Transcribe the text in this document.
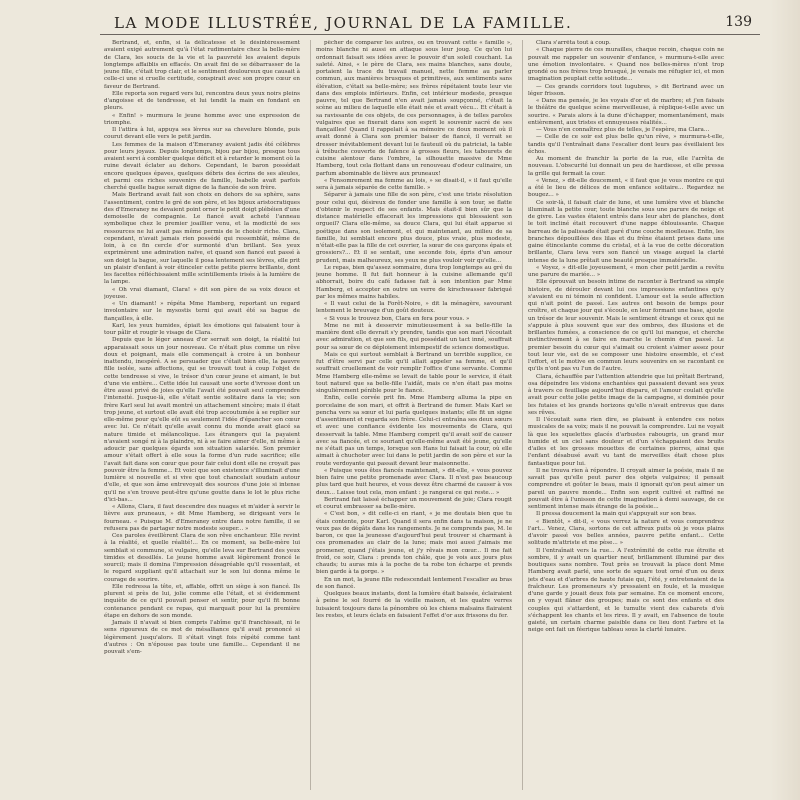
LA MODE ILLUSTRÉE, JOURNAL DE LA FAMILLE.	139

Bertrand, et, enfin, si la délicatesse et le désintéressement avaient exigé autrement qu'à l'état rudimentaire chez la belle-mère de Clara, les soucis de la vie et la pauvreté les avaient depuis longtemps affaiblis en effacés. On avait fini de se débarrasser de la jeune fille, c'était trop clair, et le sentiment douloureux que causait à celle-ci une si cruelle certitude, conspirait avec son propre cœur en faveur de Bertrand.

Elle reporta son regard vers lui, rencontra deux yeux noirs pleins d'angoisse et de tendresse, et lui tendit la main en fondant en pleurs.

« Enfin! » murmura le jeune homme avec une expression de triomphe.

Il l'attira à lui, appuya ses lèvres sur sa chevelure blonde, puis courut devant elle vers le petit jardin.

Les femmes de la maison d'Emeraney avaient jadis été célèbres pour leurs joyaux. Depuis longtemps, bijou par bijou, presque tous avaient servi à combler quelque déficit et à retarder le moment où la ruine devait éclater au dehors. Cependant, le baron possédait encore quelques épaves, quelques débris des écrins de ses aïeules, et parmi ces riches souvenirs de famille, Isabelle avait parfois cherché quelle bague serait digne de la fiancée de son frère.

Mais Bertrand avait fait son choix en dehors de sa sphère, sans l'assentiment, contre le gré de son père, et les bijoux aristocratiques des d'Emeraney ne devaient point orner le petit doigt plébéien d'une demoiselle de compagnie. Le fiancé avait acheté l'anneau symbolique chez le premier joaillier venu, et la modicité de ses ressources ne lui avait pas même permis de le choisir riche. Clara, cependant, n'avait jamais rien possédé qui ressemblât, même de loin, à ce fin cercle d'or surmonté d'un brillant. Ses yeux exprimèrent une admiration naïve, et quand son fiancé eut passé à son doigt la bague, sur laquelle il posa lentement ses lèvres, elle prit un plaisir d'enfant à voir étinceler cette petite pierre brillante, dont les facettes réfléchissaient mille scintillements irisés à la lumière de la lampe.

« Oh vrai diamant, Clara! » dit son père de sa voix douce et joyeuse.

« Un diamant! » répéta Mme Hamberg, reportant un regard involontaire sur le mysostis terni qui avait été sa bague de fiançailles, à elle.

Karl, les yeux humides, épiait les émotions qui faisaient tour à tour pâlir et rougir le visage de Clara.

Depuis que le léger anneau d'or serrait son doigt, la réalité lui apparaissait sous un jour nouveau. Ce n'était plus comme un rêve doux et poignant, mais elle commençait à croire à un bonheur inattendu, inespéré. A se persuader que c'était bien elle, la pauvre fille isolée, sans affections, qui se trouvait tout à coup l'objet de cette tendresse si vive, le trésor d'un cœur jeune et aimant, le but d'une vie entière... Cette idée lui causait une sorte d'ivresse dont un être aussi privé de joies qu'elle l'avait été pouvait seul comprendre l'intensité. Jusque-là, elle s'était sentie solitaire dans la vie; son frère Karl seul lui avait montré un attachement sincère; mais il était trop jeune, et surtout elle avait été trop accoutumée à se replier sur elle-même pour qu'elle eût su seulement l'idée d'épancher son cœur avec lui. Ce n'était qu'elle avait connu du monde avait glacé sa nature timide et mélancolique. Les étrangers qui la payaient n'avaient songé ni à la plaindre, ni à se faire aimer d'elle, ni même à adoucir par quelques égards son situation salariée. Son premier amour s'était offert à elle sous la forme d'un rude sacrifice; elle l'avait fait dans son cœur que pour fair celui dont elle ne croyait pas pouvoir être la femme... Et voici que son existence s'illuminait d'une lumière si nouvelle et si vive que tout chancelait soudain autour d'elle, et que son âme entrevoyait des sources d'une joie si intense qu'il ne s'en trouve peut-être qu'une goutte dans le lot le plus riche d'ici-bas...

« Allons, Clara, il faut descendre des nuages et m'aider à servir le lièvre aux pruneaux, » dit Mme Hamberg, se dirigeant vers le fourneau. « Puisque M. d'Emeraney entre dans notre famille, il se refusera pas de partager notre modeste souper... »

Ces paroles éveillèrent Clara de son rêve enchanteur. Elle revint à la réalité, et quelle réalité!... En ce moment, sa belle-mère lui semblait si commune, si vulgaire, qu'elle leva sur Bertrand des yeux timides et dessillés. Le jeune homme avait légèrement froncé le sourcil; mais il domina l'impression désagréable qu'il ressentait, et le regard suppliant qu'il attachait sur le son lui donna même le courage de sourire.

Elle redressa la tête, et, affable, offrit un siège à son fiancé. Ils plurent si près de lui, jolie comme elle l'était, et si évidemment inquiète de ce qu'il pouvait penser et sentir, pour qu'il fit bonne contenance pendant ce repas, qui marquait pour lui la première étape en dehors de son monde.

Jamais il n'avait si bien compris l'abîme qu'il franchissait, ni le sens rigoureux de ce mot de mésalliance qu'il avait prononcé si légèrement jusqu'alors. Il s'était vingt fois répété comme tant d'autres : On n'épouse pas toute une famille... Cependant il ne pouvait s'em-

pêcher de comparer les autres, ou en trouvant cette « famille », moins blanche ni aussi en attaque sous leur joug. Ce qu'on lui ordonnait faisait ses idées avec le pouvoir d'un soleil couchant. La saleté. Ainsi, « le père de Clara, ses mains blanches, sans doute, portaient la trace du travail manuel, nette femme au parler commun, aux manières brusques et primitives, aux sentiments sans élévation, c'était sa belle-mère; ses frères répétaient toute leur vie dans des emplois inférieurs. Enfin, cet intérieur modeste, presque pauvre, tel que Bertrand n'en avait jamais soupçonné, c'était la scène au milieu de laquelle elle était née et avait vécu... Et c'était à sa ravissante de ces objets, de ces personnages, à de telles paroles vulgaires que se fixerait dans son esprit le souvenir sacré de ses fiançailles! Quand il rappelait à sa mémoire ce doux moment où il avait donné à Clara son premier baiser de fiancé, il verrait se dresser inévitablement devant lui le fauteuil où du patriciat, la table à trébuche couverte de faïence à grosses fleurs, les tabourets de cuisine alentour dans l'ombre, la silhouette massive de Mme Hamberg, tout cela flottant dans un renouveau d'odeur culinaire, un parfum abominable de lièvre aux pruneaux!

« Fensomrement ma femme au lois, » se disait-il, « il faut qu'elle sera à jamais séparée de cette famille. »

Séparer à jamais une fille de son père, c'est une triste résolution pour celui qui, désireux de fonder une famille à son tour, se flatte d'obtenir le respect de ses enfants. Mais était-il bien sûr que la distance matérielle effacerait les impressions qui blessaient son orgueil? Clara elle-même, sa douce Clara, qui lui était apparue si poétique dans son isolement, et qui maintenant, au milieu de sa famille, lui semblait encore plus douce, plus vraie, plus modeste, n'était-elle pas la fille de cet ouvrier, la sœur de ces garçons épais et grossiers?... Et il se sentait, une seconde fois, épris d'un amour prudent, mais malheureux, ses yeux ne plus vouloir voir qu'elle...

Le repas, bien qu'assez sommaire, dura trop longtemps au gré du jeune homme. Il fut fait honneur à la cuisine allemande qu'il abhorrait, boire du café fadasse fait à son intention par Mme Hamberg, et accepter en outre un verre de kirschwasser fabriqué par les mêmes mains habiles.

« Il vaut celui de la Forêt-Noire, » dit la ménagère, savourant lentement le breuvage d'un goût douteux.

« Si vous le trouvez bon, Clara en fera pour vous. »

Mme ne mit à desservir minutieusement à sa belle-fille la manière dont elle devrait s'y prendre, tandis que son mari l'écoutait avec admiration, et que son fils, qui possédait un tact inné, souffrait pour sa sœur de ce déploiement intempestif de science domestique.

Mais ce qui surtout semblait à Bertrand un terrible supplice, ce fut d'être servi par celle qu'il allait appeler sa femme, et qu'il souffrait cruellement de voir remplir l'office d'une servante. Comme Mme Hamberg elle-même se levait de table pour le service, il était tout naturel que sa belle-fille l'aidât, mais ce n'en était pas moins singulièrement pénible pour le fiancé.

Enfin, celle corvée prit fin. Mme Hamberg alluma la pipe en porcelaine de son mari, et offrit à Bertrand de fumer. Mais Karl se pencha vers sa sœur et lui parla quelques instants; elle fit un signe d'assentiment et regarda son frère. Celui-ci entraîna ses deux sœurs et avec une confiance évidente les mouvements de Clara, qui desservait la table. Mme Hamberg comprit qu'il avait soif de causer avec sa fiancée, et ce souriant qu'elle-même avait été jeune, qu'elle ne s'était pas un temps, lorsque son Hans lui faisait la cour, où elle aimait à chuchoter avec lui dans le petit jardin de son père et sur la route verdoyante qui passait devant leur maisonnette.

« Puisque vous êtes fiancés maintenant, » dit-elle, « vous pouvez bien faire une petite promenade avec Clara. Il n'est pas beaucoup plus tard que huit heures, et vous devez être charmé de causer à vos deux... Laisse tout cela, mon enfant : je rangerai ce qui reste... »

Bertrand fait laissé échapper un mouvement de joie; Clara rougit et courut embrasser sa belle-mère.

« C'est bon, » dit celle-ci en riant, « je me doutais bien que tu étais contente, pour Karl. Quand il sera enfin dans ta maison, je ne veux pas de dégâts dans les rangements. Je ne comprends pas, M. le baron, ce que la jeunesse d'aujourd'hui peut trouver si charmant à ces promenades au clair de la lune; mais moi aussi j'aimais me promener, quand j'étais jeune, et j'y rêvais mon cœur... Il me fait froid, ce soir, Clara : prends ton châle, que je vois aux jours plus chauds; tu auras mis à la poche de ta robe ton écharpe et prends bien garde à ta gorge. »

En un mot, la jeune fille redescendait lentement l'escalier au bras de son fiancé.

Quelques beaux instants, dont la lumière était baissée, éclairaient à peine le sol fourré de la vieille maison, et les quatre verres luisaient toujours dans la pénombre où les chiens malsains flairaient les restes, et leurs éclats en faisaient l'effet d'or aux frissons du fer.

Clara s'arrêta tout à coup.

« Chaque pierre de ces murailles, chaque recoin, chaque coin ne pouvait me rappeler un souvenir d'enfance, » murmura-t-elle avec une émotion involontaire. « Quand nos belles-mères n'ont trop grondé ou nos frères trop brusqué, je venais me réfugier ici, et mon imagination peuplait cette solitude...

— Ces grands corridors tout lugubres, » dit Bertrand avec un léger frisson.

« Dans ma pensée, je les voyais d'or et de marbre; et j'en faisais le théâtre de quelque scène merveilleuse, à réplique-t-elle avec un sourire. « Parais alors à la dune d'échapper, momentanément, mais entièrement, aux tristes et ennuyeuses réalités...

— Vous n'en connaîtrez plus de telles, je l'espère, ma Clara...

— Celle de ce soir est plus belle qu'un rêve, » murmura-t-elle, tandis qu'il l'entraînait dans l'escalier dont leurs pas éveillaient les échos.

Au moment de franchir la porte de la rue, elle l'arrêta de nouveau. L'obscurité lui donnait un peu de hardiesse, et elle pressa la grille qui fermait la cour.

« Venez, » dit-elle doucement, « il faut que je vous montre ce qui a été le lieu de délices de mon enfance solitaire... Regardez ne bougez... »

Ce soir-là, il faisait clair de lune, et une lumière vive et blanche illuminait la petite cour, toute blanche sous une parure de neige et de givre. Les vastes étaient entrés dans leur abri de planches, dont le toit incliné était recouvert d'une nappe éblouissante. Chaque barreau de la palissade était paré d'une couche moelleuse. Enfin, les branches dépouillées des lilas et du frêne étaient prises dans une gaine étincelante comme du cristal, et à la vue de cette décoration brillante, Clara leva vers son fiancé un visage auquel la clarté intense de la lune prêtait une beauté presque immatérielle.

« Voyez, » dit-elle joyeusement, « mon cher petit jardin a revêtu une parure de mariée... »

Elle éprouvait un besoin intime de raconter à Bertrand sa simple histoire, de dérouler devant lui ces impressions enfantines qu'y s'avaient eu ni témoin ni confident. L'amour est la seule affection qui n'ait point de passé. Les autres ont besoin de temps pour croître, et chaque jour qui s'écoule, en leur formant une base, ajoute un trésor de leur souvenir. Mais le sentiment étrange et ceux qui ne s'appuie à plus souvent que sur des ombres, des illusions et de brillantes fumées, a conscience de ce qu'il lui manque, et cherche instinctivement à se faire en marche le chemin d'un passé. Le premier besoin du cœur qui s'aimait ou croient s'aimer assez pour tout leur vie, est de se composer une histoire ensemble, et c'est l'effort, et le motive en commun leurs souvenirs en se racontant ce qu'ils n'ont pas vu l'un de l'autre.

Clara, échauffée par l'attention attendrie que lui prêtait Bertrand, osa dépeindre les visions enchantées qui passaient devant ses yeux à travers ce feuillage aujourd'hui disparu, et l'amour coulait qu'elle avait pour cette jolie petite image de la campagne, si dominée pour les futaies et les grands horizons qu'elle n'avait entrevus que dans ses rêves.

Il l'écoutait sans rien dire, se plaisant à entendre ces notes musicales de sa voix; mais il ne pouvait la comprendre. Lui ne voyait là que les squelettes glacés d'arbustes rabougris, un grand mur humide et un ciel sans douleur et d'un s'échappaient des bruits d'ailes et les grosses mouettes de certaines pierres, ainsi que l'enfant désabusé avait vu tant de merveilles était chose plus fantastique pour lui.

Il ne trouva rien à répondre. Il croyait aimer la poésie, mais il ne savait pas qu'elle peut parer des objets vulgaires; il pensait comprendre et goûter le beau, mais il ignorait qu'on peut aimer un pareil un pauvre monde... Enfin son esprit cultivé et raffiné ne pouvait être à l'unisson de cette imagination à demi sauvage, de ce sentiment intense mais étrange de la poésie...

Il pressa doucement la main qui s'appuyait sur son bras.

« Bientôt, » dit-il, « vous verrez la nature et vous comprendrez l'art... Venez, Clara, sortons de cet affreux puits où je vous plains d'avoir passé vos belles années, pauvre petite enfant... Cette solitude m'attriste et me pèse... »

Il l'entraînait vers la rue... A l'extrémité de cette rue étroite et sombre, il y avait un quartier neuf, brillamment illuminé par des boutiques sans nombre. Tout près se trouvait la place dont Mme Hamberg avait parlé, une sorte de square tout orné d'un ou deux jets d'eau et d'arbres de haute futaie qui, l'été, y entretenaient de la fraîcheur. Les promeneurs s'y pressaient en foule, et la musique d'une garde y jouait deux fois par semaine. En ce moment encore, on y voyait flâner des groupes; mais ce sont des enfants et des couples qui s'attardent, et le tumulte vient des cabarets d'où s'échappent les chants et les rires. Il y avait, en l'absence de toute gaieté, un certain charme paisible dans ce lieu dont l'arbre et la neige ont fait un féerique tableau sous la clarté lunaire.
